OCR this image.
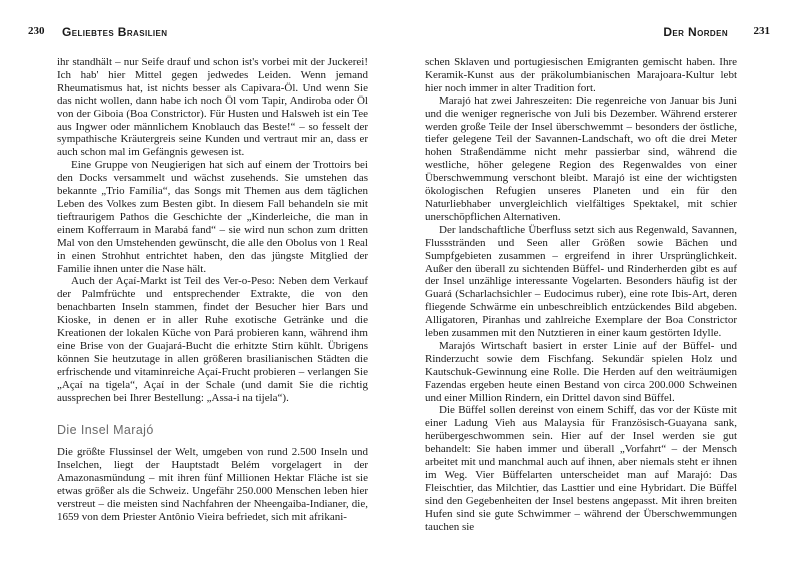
230 Geliebtes Brasilien

ihr standhält – nur Seife drauf und schon ist's vorbei mit der Juckerei! Ich hab' hier Mittel gegen jedwedes Leiden. Wenn jemand Rheumatismus hat, ist nichts besser als Capivara-Öl. Und wenn Sie das nicht wollen, dann habe ich noch Öl vom Tapir, Andiroba oder Öl von der Giboia (Boa Constrictor). Für Husten und Halsweh ist ein Tee aus Ingwer oder männlichem Knoblauch das Beste!“ – so fesselt der sympathische Kräutergreis seine Kunden und vertraut mir an, dass er auch schon mal im Gefängnis gewesen ist.

Eine Gruppe von Neugierigen hat sich auf einem der Trottoirs bei den Docks versammelt und wächst zusehends. Sie umstehen das bekannte „Trio Família“, das Songs mit Themen aus dem täglichen Leben des Volkes zum Besten gibt. In diesem Fall behandeln sie mit tieftraurigem Pathos die Geschichte der „Kinderleiche, die man in einem Kofferraum in Marabá fand“ – sie wird nun schon zum dritten Mal von den Umstehenden gewünscht, die alle den Obolus von 1 Real in einen Strohhut entrichtet haben, den das jüngste Mitglied der Familie ihnen unter die Nase hält.

Auch der Açaí-Markt ist Teil des Ver-o-Peso: Neben dem Verkauf der Palmfrüchte und entsprechender Extrakte, die von den benachbarten Inseln stammen, findet der Besucher hier Bars und Kioske, in denen er in aller Ruhe exotische Getränke und die Kreationen der lokalen Küche von Pará probieren kann, während ihm eine Brise von der Guajará-Bucht die erhitzte Stirn kühlt. Übrigens können Sie heutzutage in allen größeren brasilianischen Städten die erfrischende und vitaminreiche Açaí-Frucht probieren – verlangen Sie „Açaí na tigela“, Açaí in der Schale (und damit Sie die richtig aussprechen bei Ihrer Bestellung: „Assa-i na tijela“).

Die Insel Marajó

Die größte Flussinsel der Welt, umgeben von rund 2.500 Inseln und Inselchen, liegt der Hauptstadt Belém vorgelagert in der Amazonasmündung – mit ihren fünf Millionen Hektar Fläche ist sie etwas größer als die Schweiz. Ungefähr 250.000 Menschen leben hier verstreut – die meisten sind Nachfahren der Nheengaiba-Indianer, die, 1659 von dem Priester Antônio Vieira befriedet, sich mit afrikani-

Der Norden 231

schen Sklaven und portugiesischen Emigranten gemischt haben. Ihre Keramik-Kunst aus der präkolumbianischen Marajoara-Kultur lebt hier noch immer in alter Tradition fort.

Marajó hat zwei Jahreszeiten: Die regenreiche von Januar bis Juni und die weniger regnerische von Juli bis Dezember. Während ersterer werden große Teile der Insel überschwemmt – besonders der östliche, tiefer gelegene Teil der Savannen-Landschaft, wo oft die drei Meter hohen Straßendämme nicht mehr passierbar sind, während die westliche, höher gelegene Region des Regenwaldes von einer Überschwemmung verschont bleibt. Marajó ist eine der wichtigsten ökologischen Refugien unseres Planeten und ein für den Naturliebhaber unvergleichlich vielfältiges Spektakel, mit schier unerschöpflichen Alternativen.

Der landschaftliche Überfluss setzt sich aus Regenwald, Savannen, Flussstränden und Seen aller Größen sowie Bächen und Sumpfgebieten zusammen – ergreifend in ihrer Ursprünglichkeit. Außer den überall zu sichtenden Büffel- und Rinderherden gibt es auf der Insel unzählige interessante Vogelarten. Besonders häufig ist der Guará (Scharlachsichler – Eudocimus ruber), eine rote Ibis-Art, deren fliegende Schwärme ein unbeschreiblich entzückendes Bild abgeben. Alligatoren, Piranhas und zahlreiche Exemplare der Boa Constrictor leben zusammen mit den Nutztieren in einer kaum gestörten Idylle.

Marajós Wirtschaft basiert in erster Linie auf der Büffel- und Rinderzucht sowie dem Fischfang. Sekundär spielen Holz und Kautschuk-Gewinnung eine Rolle. Die Herden auf den weiträumigen Fazendas ergeben heute einen Bestand von circa 200.000 Schweinen und einer Million Rindern, ein Drittel davon sind Büffel.

Die Büffel sollen dereinst von einem Schiff, das vor der Küste mit einer Ladung Vieh aus Malaysia für Französisch-Guayana sank, herübergeschwommen sein. Hier auf der Insel werden sie gut behandelt: Sie haben immer und überall „Vorfahrt“ – der Mensch arbeitet mit und manchmal auch auf ihnen, aber niemals steht er ihnen im Weg. Vier Büffelarten unterscheidet man auf Marajó: Das Fleischtier, das Milchtier, das Lasttier und eine Hybridart. Die Büffel sind den Gegebenheiten der Insel bestens angepasst. Mit ihren breiten Hufen sind sie gute Schwimmer – während der Überschwemmungen tauchen sie
